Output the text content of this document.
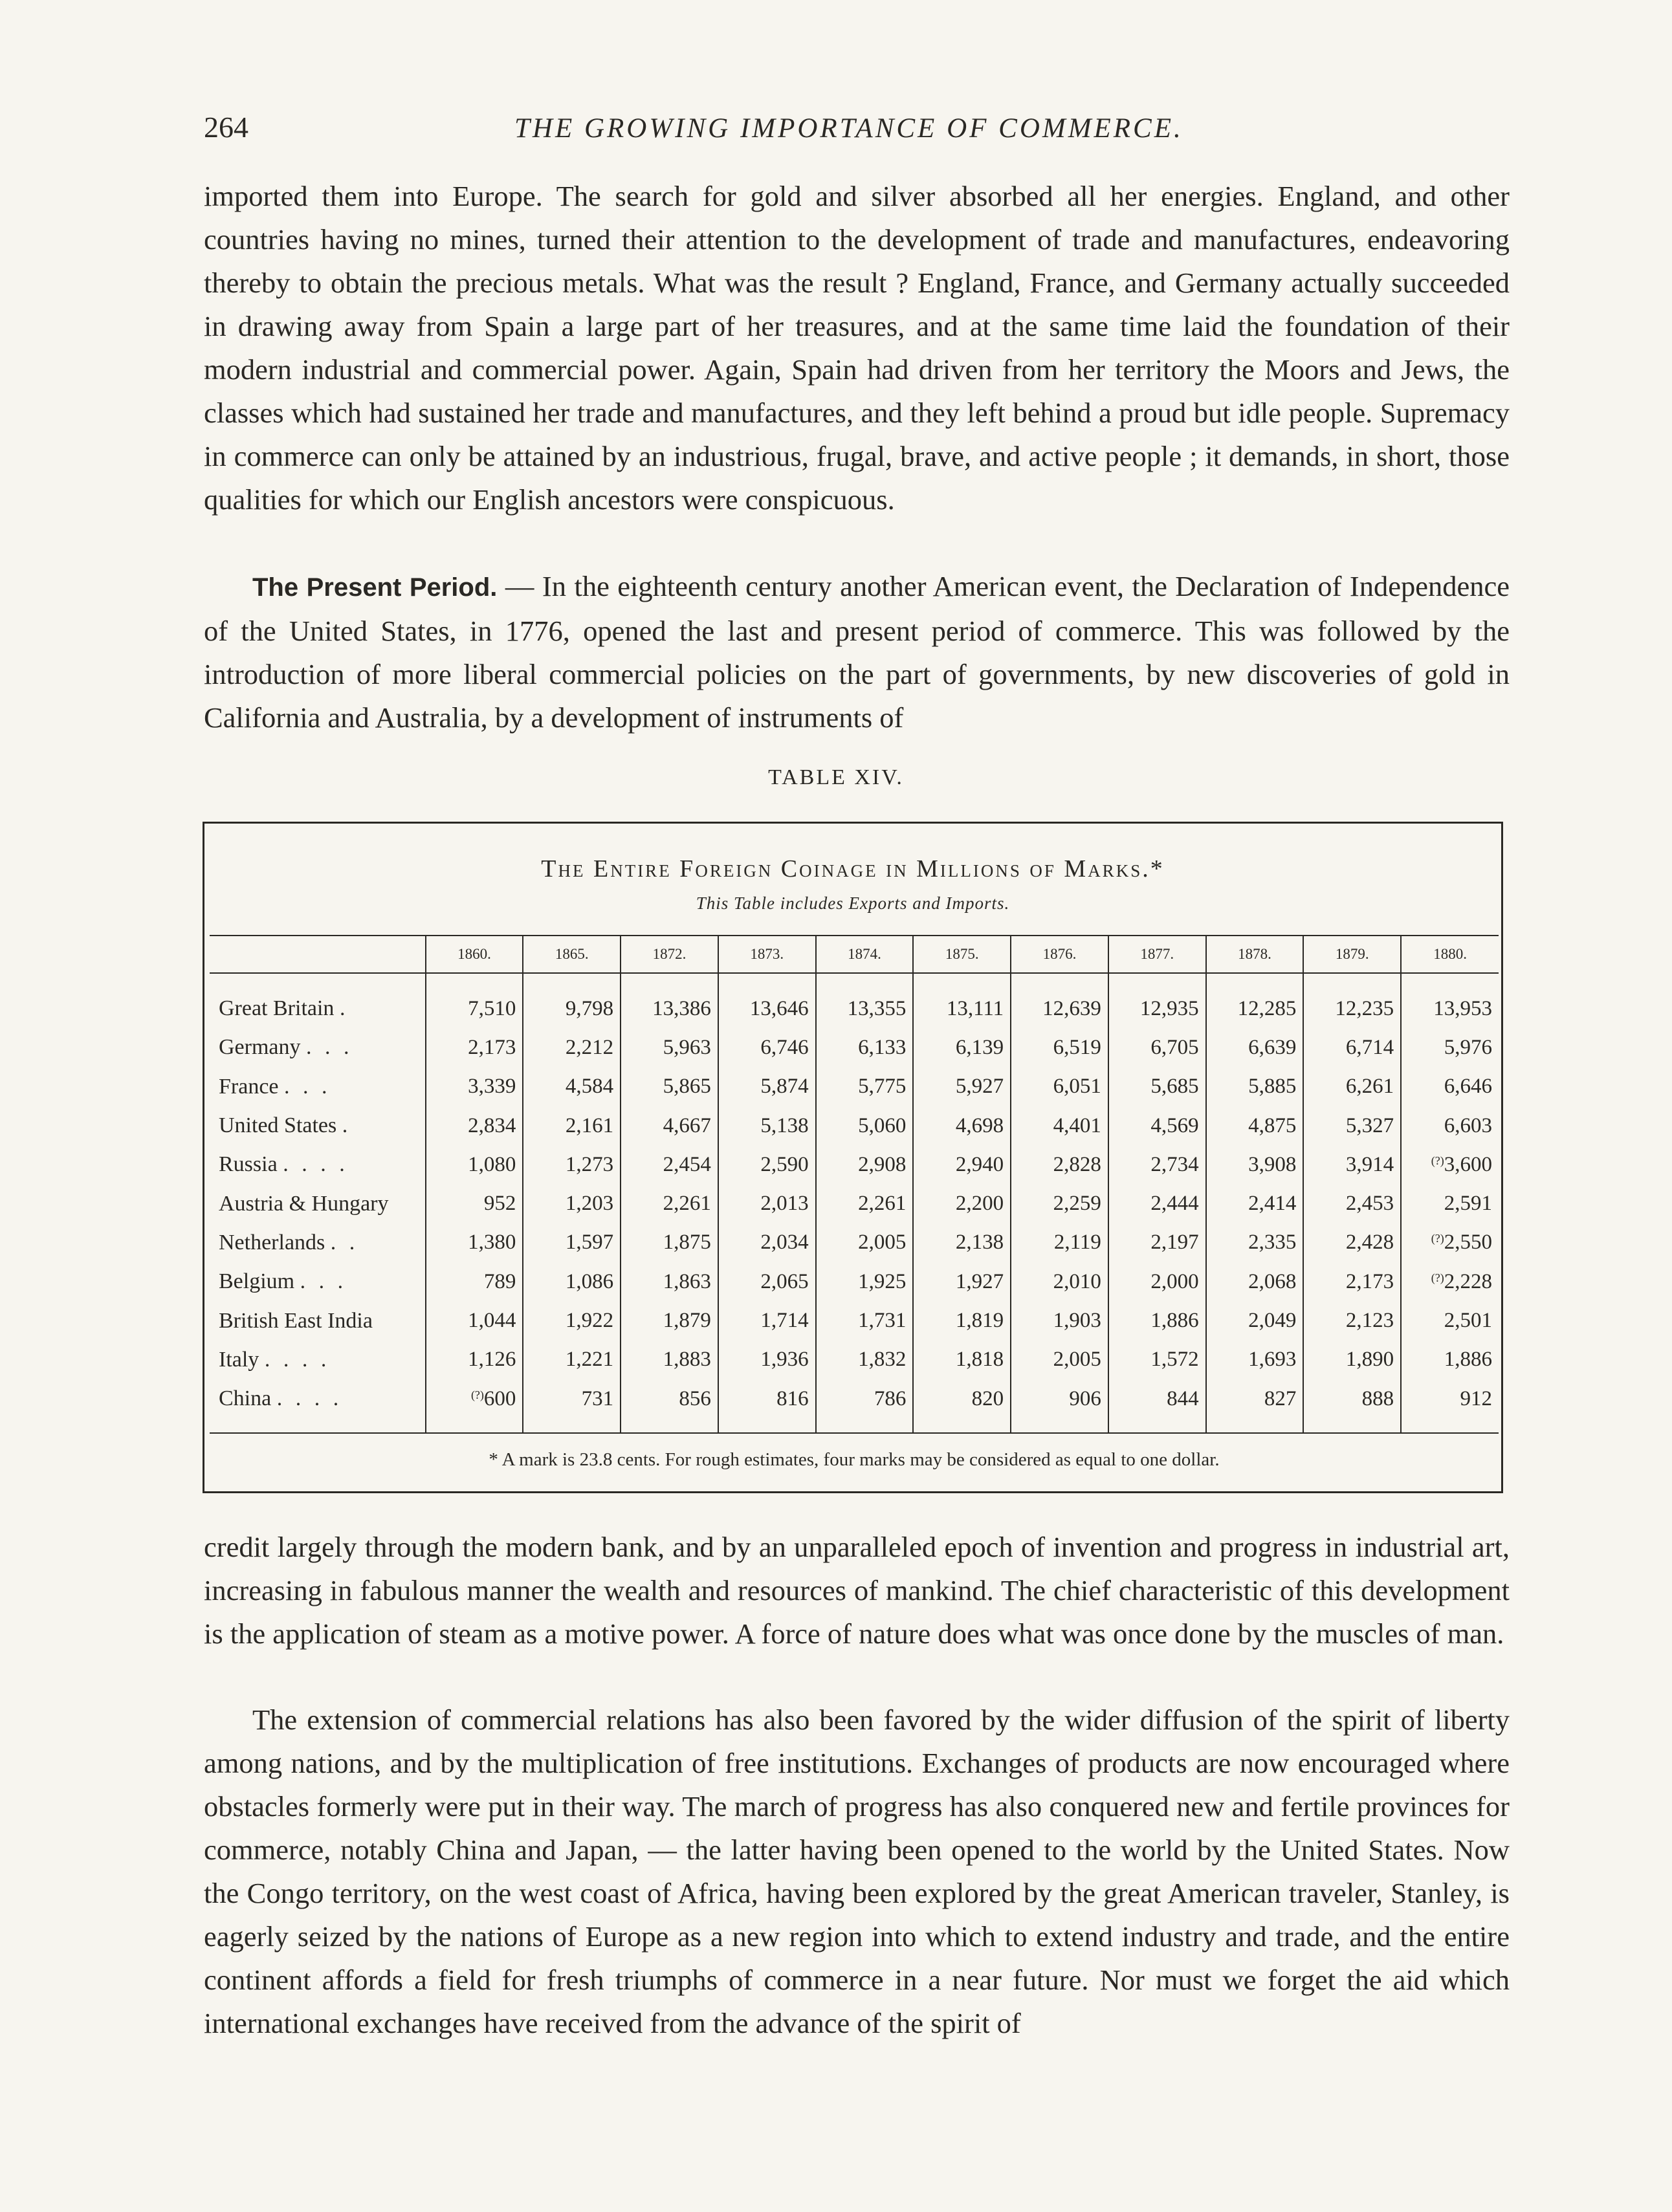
264	THE GROWING IMPORTANCE OF COMMERCE.

imported them into Europe. The search for gold and silver absorbed all her energies. England, and other countries having no mines, turned their attention to the development of trade and manufactures, endeavoring thereby to obtain the precious metals. What was the result ? England, France, and Germany actually succeeded in drawing away from Spain a large part of her treasures, and at the same time laid the foundation of their modern industrial and commercial power. Again, Spain had driven from her territory the Moors and Jews, the classes which had sustained her trade and manufactures, and they left behind a proud but idle people. Supremacy in commerce can only be attained by an industrious, frugal, brave, and active people ; it demands, in short, those qualities for which our English ancestors were conspicuous.

The Present Period. — In the eighteenth century another American event, the Declaration of Independence of the United States, in 1776, opened the last and present period of commerce. This was followed by the introduction of more liberal commercial policies on the part of governments, by new discoveries of gold in California and Australia, by a development of instruments of

TABLE XIV.
The Entire Foreign Coinage in Millions of Marks.*
This Table includes Exports and Imports.
	1860.	1865.	1872.	1873.	1874.	1875.	1876.	1877.	1878.	1879.	1880.
Great Britain .	7,510	9,798	13,386	13,646	13,355	13,111	12,639	12,935	12,285	12,235	13,953
Germany . . .	2,173	2,212	5,963	6,746	6,133	6,139	6,519	6,705	6,639	6,714	5,976
France . . .	3,339	4,584	5,865	5,874	5,775	5,927	6,051	5,685	5,885	6,261	6,646
United States .	2,834	2,161	4,667	5,138	5,060	4,698	4,401	4,569	4,875	5,327	6,603
Russia . . . .	1,080	1,273	2,454	2,590	2,908	2,940	2,828	2,734	3,908	3,914	(?)3,600
Austria & Hungary	952	1,203	2,261	2,013	2,261	2,200	2,259	2,444	2,414	2,453	2,591
Netherlands . .	1,380	1,597	1,875	2,034	2,005	2,138	2,119	2,197	2,335	2,428	(?)2,550
Belgium . . .	789	1,086	1,863	2,065	1,925	1,927	2,010	2,000	2,068	2,173	(?)2,228
British East India	1,044	1,922	1,879	1,714	1,731	1,819	1,903	1,886	2,049	2,123	2,501
Italy . . . .	1,126	1,221	1,883	1,936	1,832	1,818	2,005	1,572	1,693	1,890	1,886
China . . . .	(?)600	731	856	816	786	820	906	844	827	888	912
* A mark is 23.8 cents. For rough estimates, four marks may be considered as equal to one dollar.											

credit largely through the modern bank, and by an unparalleled epoch of invention and progress in industrial art, increasing in fabulous manner the wealth and resources of mankind. The chief characteristic of this development is the application of steam as a motive power. A force of nature does what was once done by the muscles of man.

The extension of commercial relations has also been favored by the wider diffusion of the spirit of liberty among nations, and by the multiplication of free institutions. Exchanges of products are now encouraged where obstacles formerly were put in their way. The march of progress has also conquered new and fertile provinces for commerce, notably China and Japan, — the latter having been opened to the world by the United States. Now the Congo territory, on the west coast of Africa, having been explored by the great American traveler, Stanley, is eagerly seized by the nations of Europe as a new region into which to extend industry and trade, and the entire continent affords a field for fresh triumphs of commerce in a near future. Nor must we forget the aid which international exchanges have received from the advance of the spirit of
